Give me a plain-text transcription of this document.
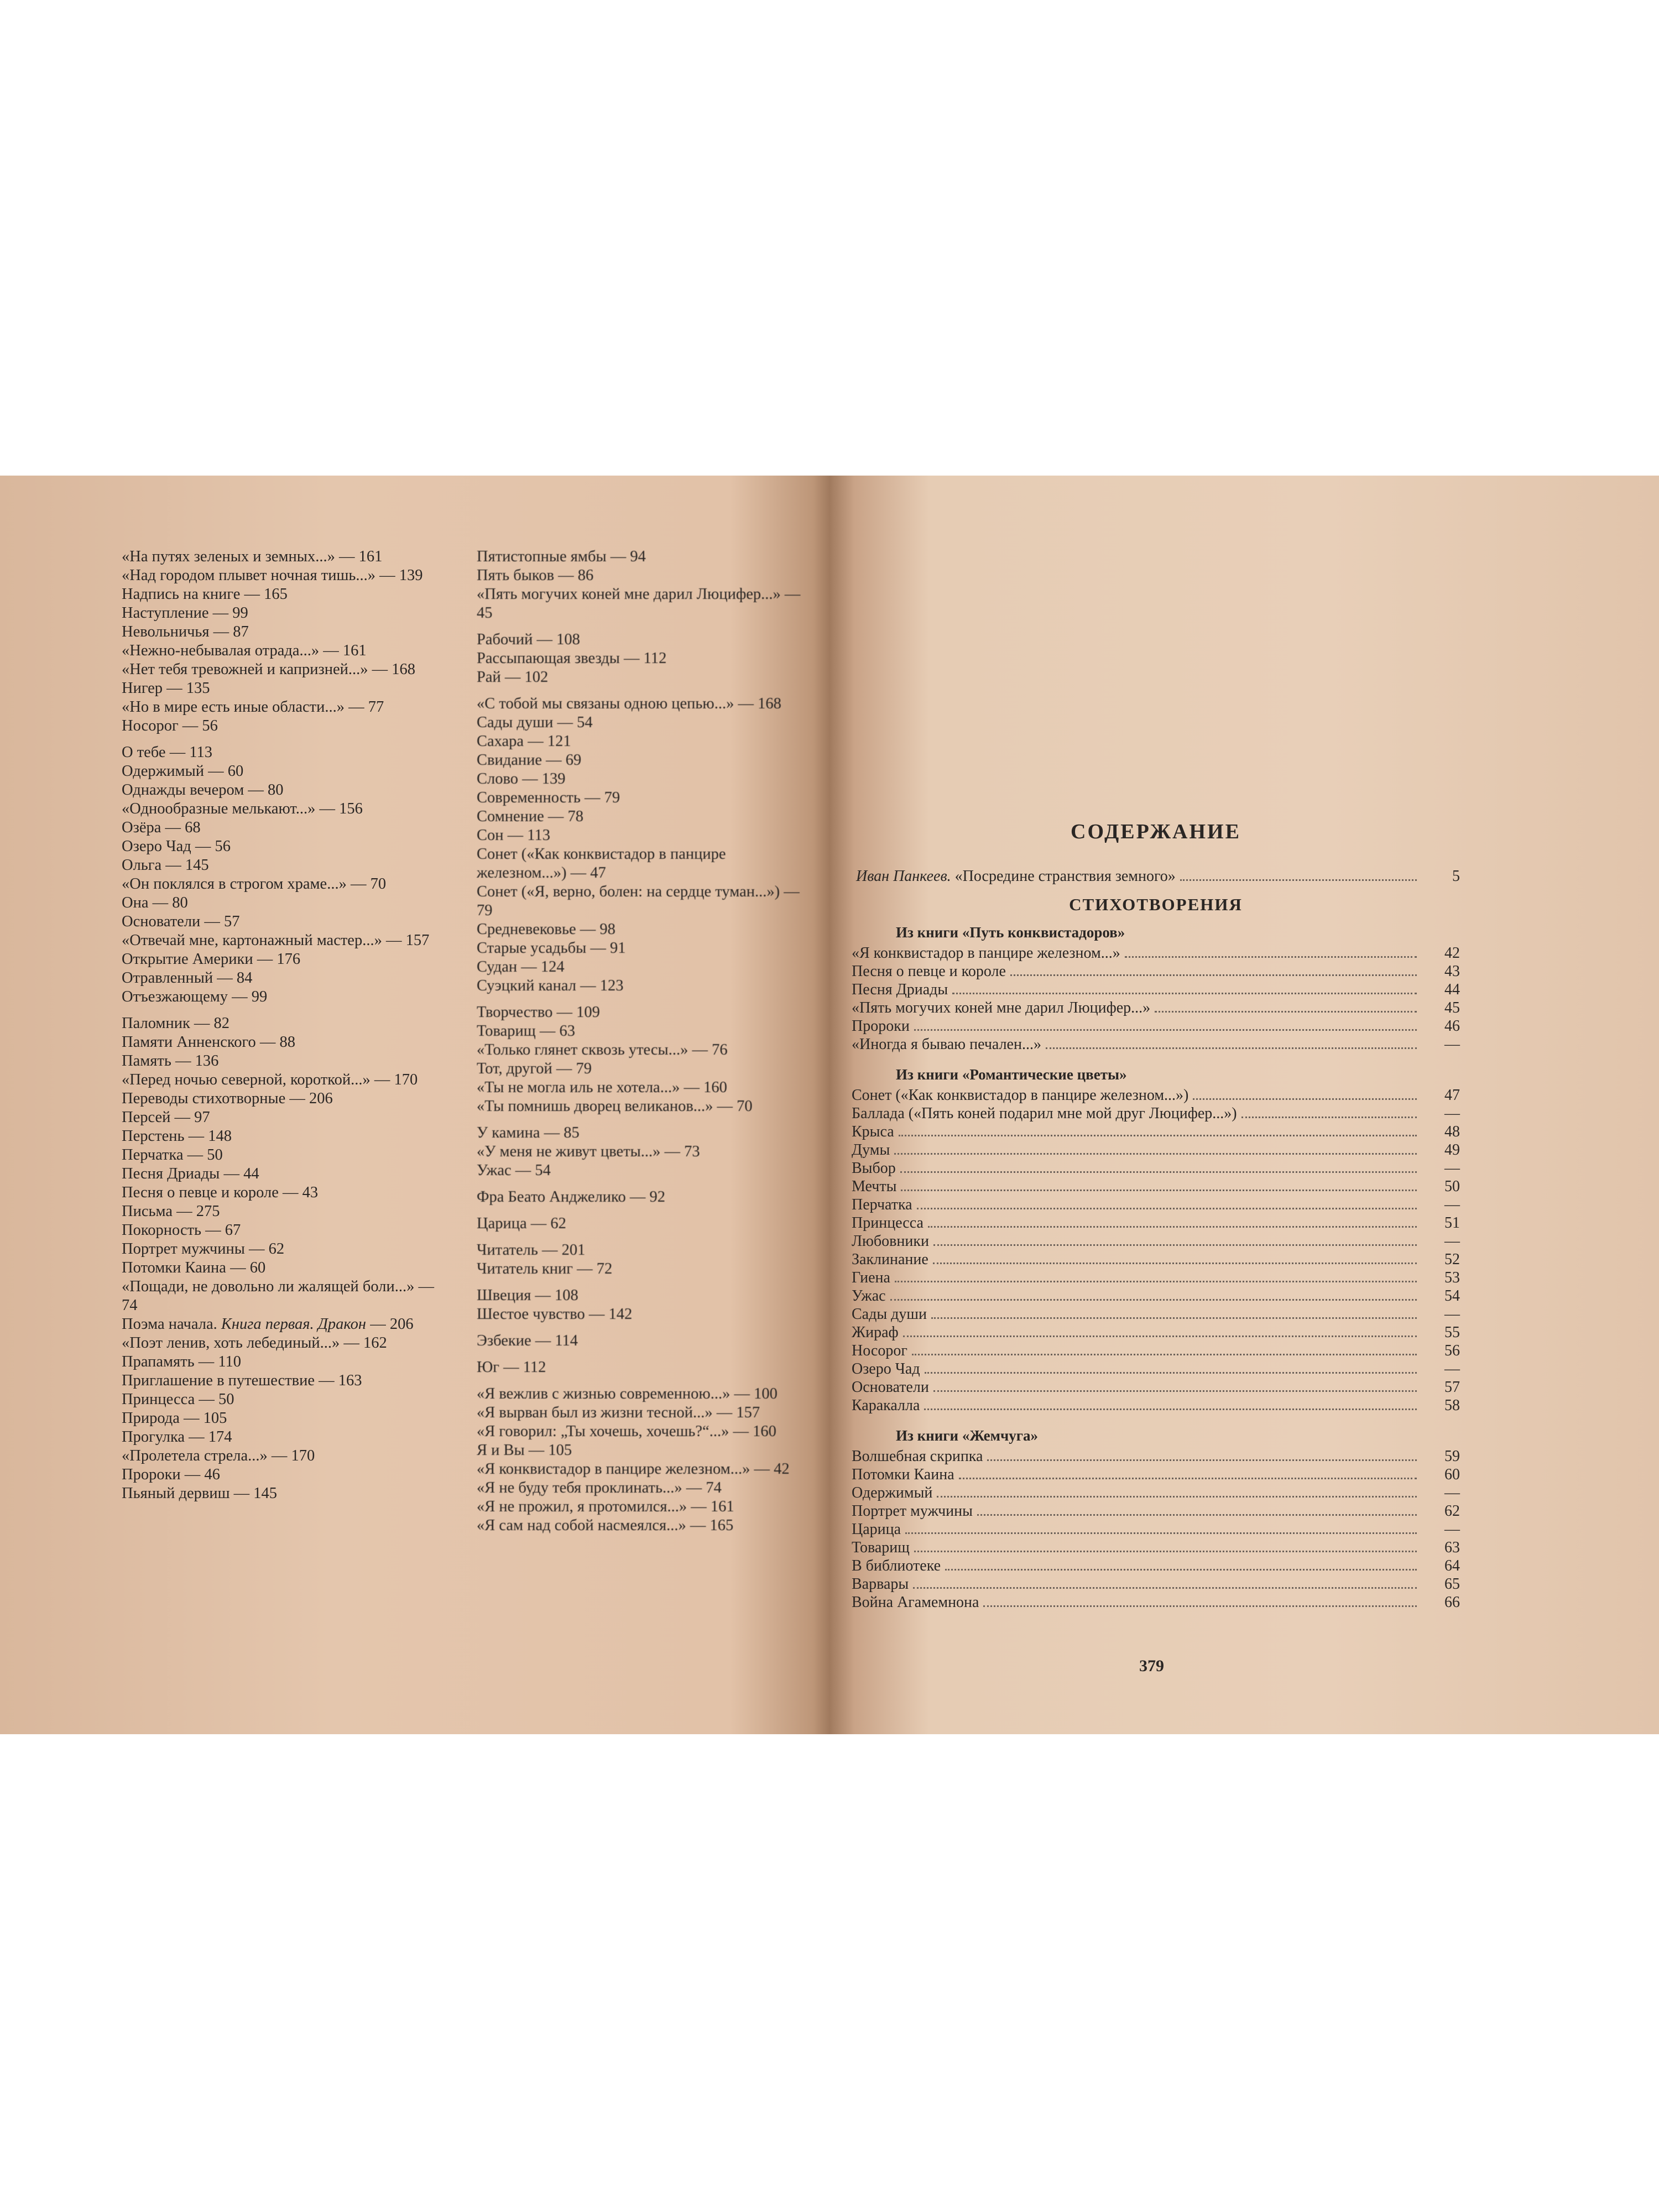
«На путях зеленых и земных...» — 161

«Над городом плывет ночная тишь...» — 139

Надпись на книге — 165

Наступление — 99

Невольничья — 87

«Нежно-небывалая отрада...» — 161

«Нет тебя тревожней и капризней...» — 168

Нигер — 135

«Но в мире есть иные области...» — 77

Носорог — 56

О тебе — 113

Одержимый — 60

Однажды вечером — 80

«Однообразные мелькают...» — 156

Озёра — 68

Озеро Чад — 56

Ольга — 145

«Он поклялся в строгом храме...» — 70

Она — 80

Основатели — 57

«Отвечай мне, картонажный мастер...» — 157

Открытие Америки — 176

Отравленный — 84

Отъезжающему — 99

Паломник — 82

Памяти Анненского — 88

Память — 136

«Перед ночью северной, короткой...» — 170

Переводы стихотворные — 206

Персей — 97

Перстень — 148

Перчатка — 50

Песня Дриады — 44

Песня о певце и короле — 43

Письма — 275

Покорность — 67

Портрет мужчины — 62

Потомки Каина — 60

«Пощади, не довольно ли жалящей боли...» — 74

Поэма начала. Книга первая. Дракон — 206

«Поэт ленив, хоть лебединый...» — 162

Прапамять — 110

Приглашение в путешествие — 163

Принцесса — 50

Природа — 105

Прогулка — 174

«Пролетела стрела...» — 170

Пророки — 46

Пьяный дервиш — 145

Пятистопные ямбы — 94

Пять быков — 86

«Пять могучих коней мне дарил Люцифер...» — 45

Рабочий — 108

Рассыпающая звезды — 112

Рай — 102

«С тобой мы связаны одною цепью...» — 168

Сады души — 54

Сахара — 121

Свидание — 69

Слово — 139

Современность — 79

Сомнение — 78

Сон — 113

Сонет («Как конквистадор в панцире железном...») — 47

Сонет («Я, верно, болен: на сердце туман...») — 79

Средневековье — 98

Старые усадьбы — 91

Судан — 124

Суэцкий канал — 123

Творчество — 109

Товарищ — 63

«Только глянет сквозь утесы...» — 76

Тот, другой — 79

«Ты не могла иль не хотела...» — 160

«Ты помнишь дворец великанов...» — 70

У камина — 85

«У меня не живут цветы...» — 73

Ужас — 54

Фра Беато Анджелико — 92

Царица — 62

Читатель — 201

Читатель книг — 72

Швеция — 108

Шестое чувство — 142

Эзбекие — 114

Юг — 112

«Я вежлив с жизнью современною...» — 100

«Я вырван был из жизни тесной...» — 157

«Я говорил: „Ты хочешь, хочешь?“...» — 160

Я и Вы — 105

«Я конквистадор в панцире железном...» — 42

«Я не буду тебя проклинать...» — 74

«Я не прожил, я протомился...» — 161

«Я сам над собой насмеялся...» — 165

СОДЕРЖАНИЕ
Иван Панкеев. «Посредине странствия земного»	5
СТИХОТВОРЕНИЯ
Из книги «Путь конквистадоров»
«Я конквистадор в панцире железном...»	42
Песня о певце и короле	43
Песня Дриады	44
«Пять могучих коней мне дарил Люцифер...»	45
Пророки	46
«Иногда я бываю печален...»	—
Из книги «Романтические цветы»
Сонет («Как конквистадор в панцире железном...»)	47
Баллада («Пять коней подарил мне мой друг Люцифер...»)	—
Крыса	48
Думы	49
Выбор	—
Мечты	50
Перчатка	—
Принцесса	51
Любовники	—
Заклинание	52
Гиена	53
Ужас	54
Сады души	—
Жираф	55
Носорог	56
Озеро Чад	—
Основатели	57
Каракалла	58
Из книги «Жемчуга»
Волшебная скрипка	59
Потомки Каина	60
Одержимый	—
Портрет мужчины	62
Царица	—
Товарищ	63
В библиотеке	64
Варвары	65
Война Агамемнона	66
379
